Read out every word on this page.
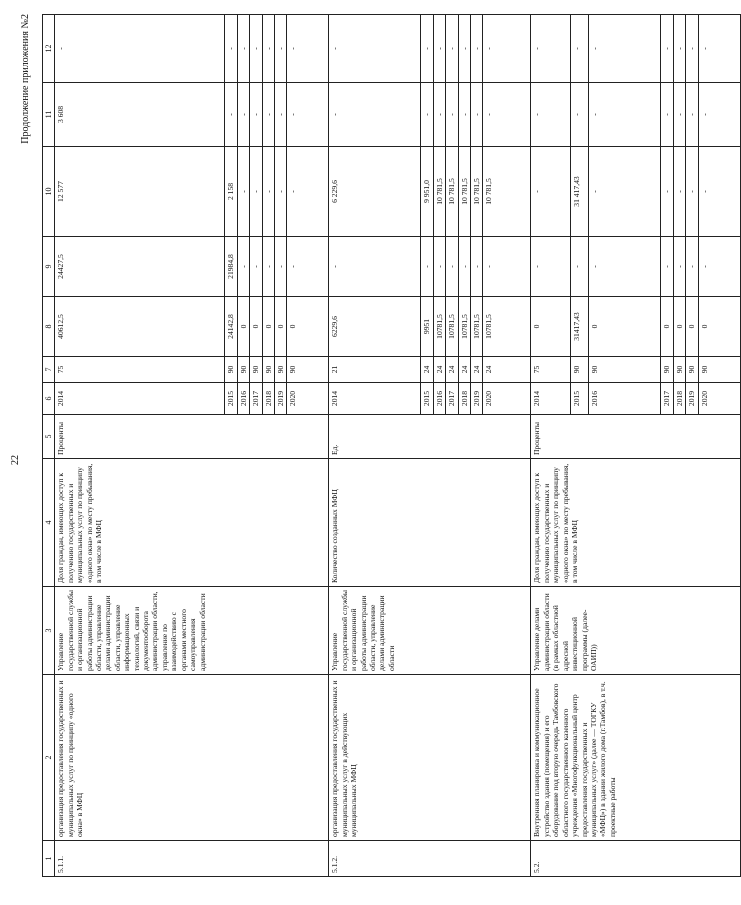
22
Продолжение приложения №2
1	2	3	4	5	6	7	8	9	10	11	12
5.1.1.	организация предоставления государственных и муниципальных услуг по принципу «одного окна» в МФЦ	Управление государственной службы и организационной работы администрации области, управление делами администрации области, управление информационных технологий, связи и документооборота администрации области, управление по взаимодействию с органами местного самоуправления администрации области	Доля граждан, имеющих доступ к получению государственных и муниципальных услуг по принципу «одного окна» по месту пребывания, в том числе в МФЦ	Проценты	2014	75	40612,5	24427,5	12 577	3 608	-
					2015	90	24142,8	21984,8	2 158	-	-
					2016	90	0	-	-	-	-
					2017	90	0	-	-	-	-
					2018	90	0	-	-	-	-
					2019	90	0	-	-	-	-
					2020	90	0	-	-	-	-
5.1.2.	организация предоставления государственных и муниципальных услуг в действующих муниципальных МФЦ	Управление государственной службы и организационной работы администрации области, управление делами администрации области	Количество созданных МФЦ	Ед.	2014	21	6229,6	-	6 229,6	-	-
					2015	24	9951	-	9 951,0	-	-
					2016	24	10781,5	-	10 781,5	-	-
					2017	24	10781,5	-	10 781,5	-	-
					2018	24	10781,5	-	10 781,5	-	-
					2019	24	10781,5	-	10 781,5	-	-
					2020	24	10781,5	-	10 781,5	-	-
5.2.	Внутренняя планировка и коммуникационное устройство здания (помещения) и его оборудование под вторую очередь Тамбовского областного государственного казенного учреждения «Многофункциональный центр предоставления государственных и муниципальных услуг» (далее — ТОГКУ «МФЦ») в здании жилого дома (г.Тамбов), в т.ч. проектные работы	Управление делами администрации области (в рамках областной адресной инвестиционной программы (далее-ОАИП))	Доля граждан, имеющих доступ к получению государственных и муниципальных услуг по принципу «одного окна» по месту пребывания, в том числе в МФЦ	Проценты	2014	75	0	-	-	-	-
					2015	90	31417,43	-	31 417,43	-	-
					2016	90	0	-	-	-	-
					2017	90	0	-	-	-	-
					2018	90	0	-	-	-	-
					2019	90	0	-	-	-	-
					2020	90	0	-	-	-	-
